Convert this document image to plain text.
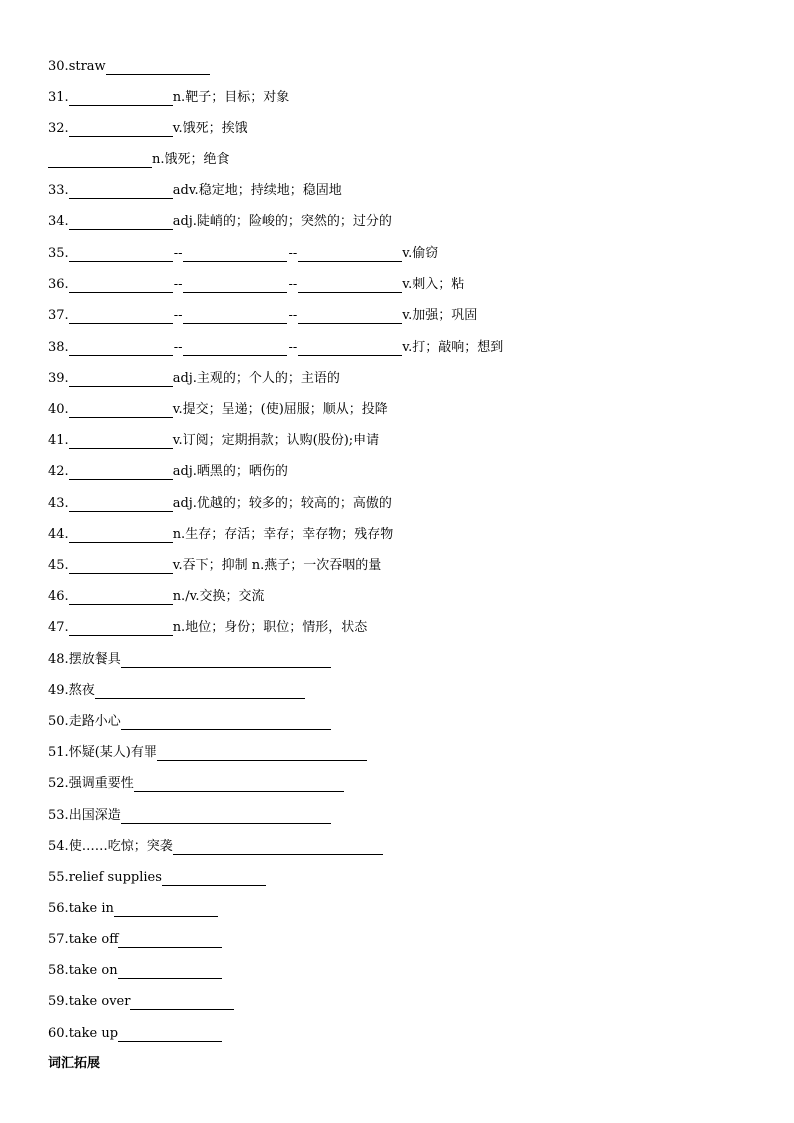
30. straw
31.	n.靶子；目标；对象
32.	v.饿死；挨饿
n.饿死；绝食
33.	adv.稳定地；持续地；稳固地
34.	adj.陡峭的；险峻的；突然的；过分的
35.	--	--	v.偷窃
36.	--	--	v.刺入；粘
37.	--	--	v.加强；巩固
38.	--	--	v.打；敲响；想到
39.	adj.主观的；个人的；主语的
40.	v.提交；呈递；(使)屈服；顺从；投降
41.	v.订阅；定期捐款；认购(股份);申请
42.	adj.晒黑的；晒伤的
43.	adj.优越的；较多的；较高的；高傲的
44.	n.生存；存活；幸存；幸存物；残存物
45.	v.吞下；抑制 n.燕子；一次吞咽的量
46.	n./v.交换；交流
47.	n.地位；身份；职位；情形，状态
48. 摆放餐具
49. 熬夜
50. 走路小心
51. 怀疑(某人)有罪
52. 强调重要性
53. 出国深造
54. 使……吃惊；突袭
55. relief supplies
56. take in
57. take off
58. take on
59. take over
60. take up
词汇拓展
